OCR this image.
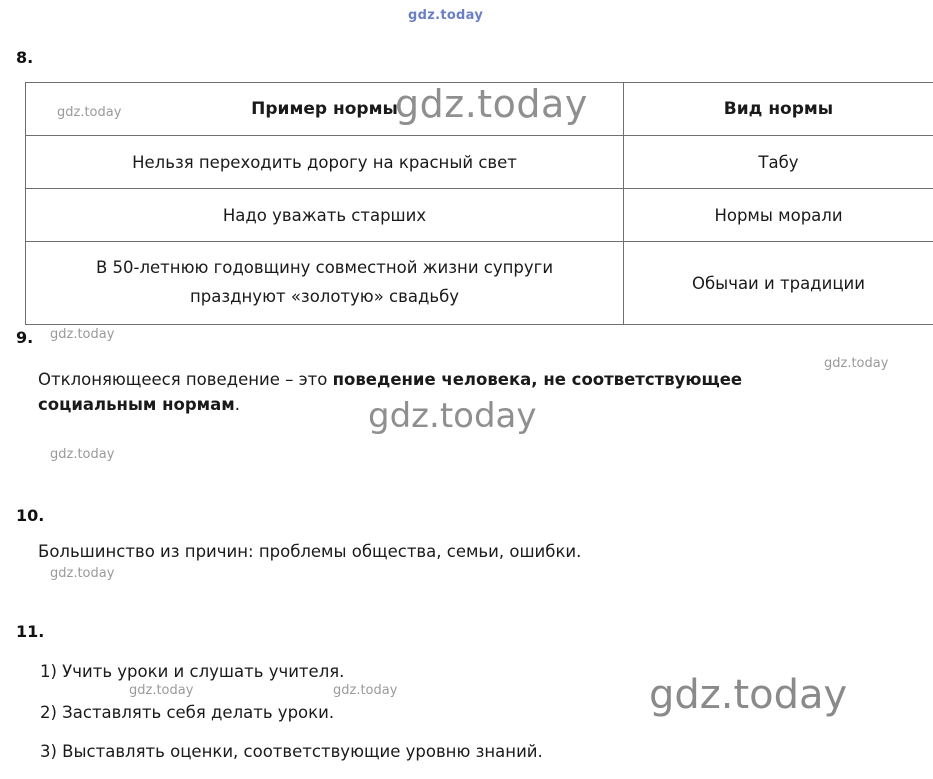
gdz.today
8.
Пример нормы	Вид нормы
Нельзя переходить дорогу на красный свет	Табу
Надо уважать старших	Нормы морали
В 50-летнюю годовщину совместной жизни супруги
празднуют «золотую» свадьбу	Обычаи и традиции
9.
Отклоняющееся поведение – это поведение человека, не соответствующее
социальным нормам.
10.
Большинство из причин: проблемы общества, семьи, ошибки.
11.
1) Учить уроки и слушать учителя.
2) Заставлять себя делать уроки.
3) Выставлять оценки, соответствующие уровню знаний.
gdz.today	gdz.today
gdz.today
gdz.today
gdz.today
gdz.today
gdz.today
gdz.today	gdz.today	gdz.today
